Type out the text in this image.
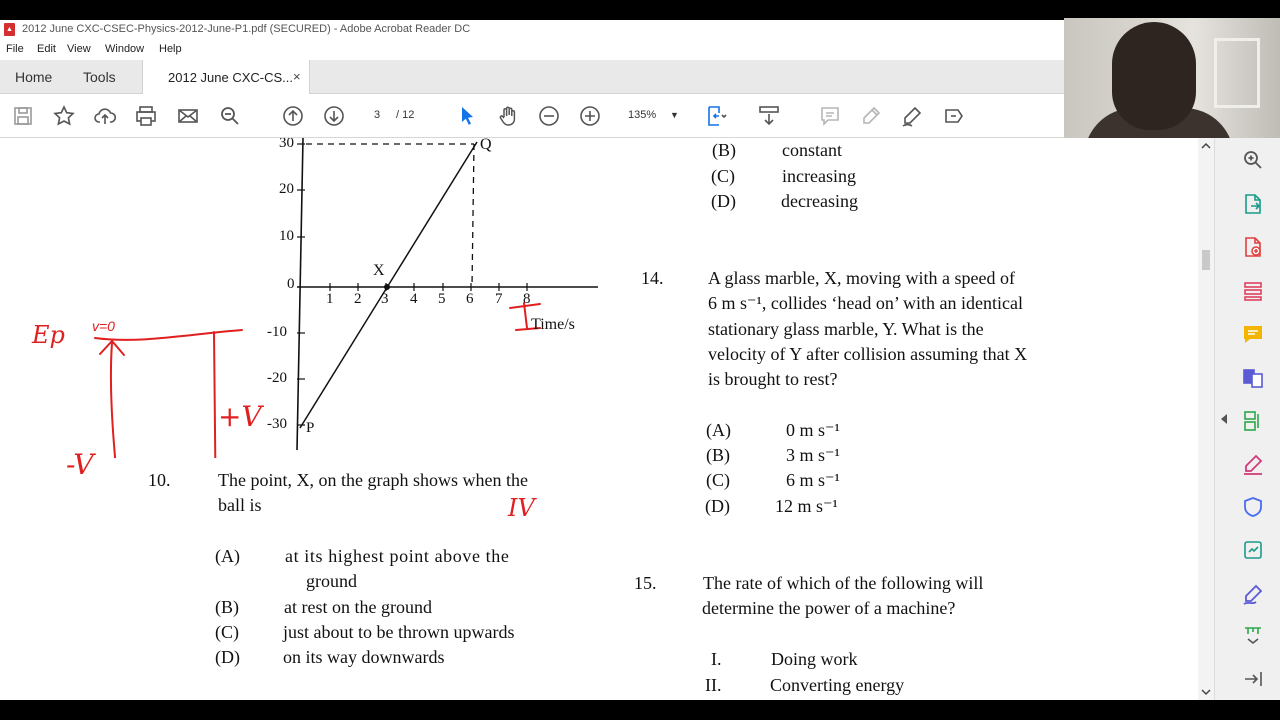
▲ 2012 June CXC-CSEC-Physics-2012-June-P1.pdf (SECURED) - Adobe Acrobat Reader DC
File Edit View Window Help
Home Tools	2012 June CXC-CS... ×
3	/ 12	135% ▼
30
20
10
0
-10
-20
-30
1 2 3 4 5 6 7 8
Time/s
Q
P
X
Ep v=0
+V
-V
IV
10.	The point, X, on the graph shows when the
ball is
(A)	at its highest point above the
ground
(B)	at rest on the ground
(C) just about to be thrown upwards
(D) on its way downwards
(B)	constant
(C)	increasing
(D)	decreasing
14. A glass marble, X, moving with a speed of
6 m s⁻¹, collides ‘head on’ with an identical
stationary glass marble, Y. What is the
velocity of Y after collision assuming that X
is brought to rest?
(A)	0 m s⁻¹
(B)	3 m s⁻¹
(C)	6 m s⁻¹
(D)	12 m s⁻¹
15.	The rate of which of the following will
determine the power of a machine?
I.	Doing work
II.	Converting energy
